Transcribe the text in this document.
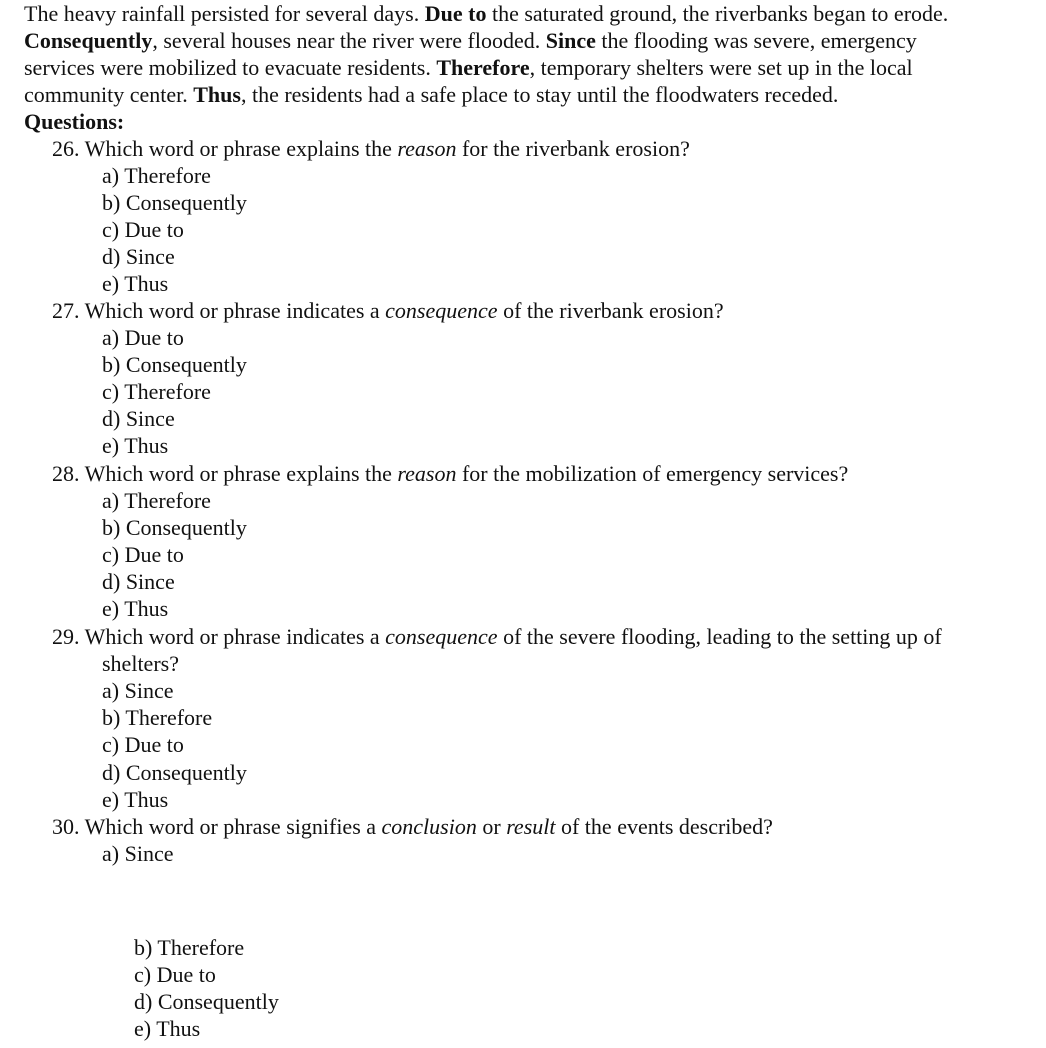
The heavy rainfall persisted for several days. Due to the saturated ground, the riverbanks began to erode.
Consequently, several houses near the river were flooded. Since the flooding was severe, emergency
services were mobilized to evacuate residents. Therefore, temporary shelters were set up in the local
community center. Thus, the residents had a safe place to stay until the floodwaters receded.
Questions:
26. Which word or phrase explains the reason for the riverbank erosion?
a) Therefore
b) Consequently
c) Due to
d) Since
e) Thus
27. Which word or phrase indicates a consequence of the riverbank erosion?
a) Due to
b) Consequently
c) Therefore
d) Since
e) Thus
28. Which word or phrase explains the reason for the mobilization of emergency services?
a) Therefore
b) Consequently
c) Due to
d) Since
e) Thus
29. Which word or phrase indicates a consequence of the severe flooding, leading to the setting up of
shelters?
a) Since
b) Therefore
c) Due to
d) Consequently
e) Thus
30. Which word or phrase signifies a conclusion or result of the events described?
a) Since
b) Therefore
c) Due to
d) Consequently
e) Thus
